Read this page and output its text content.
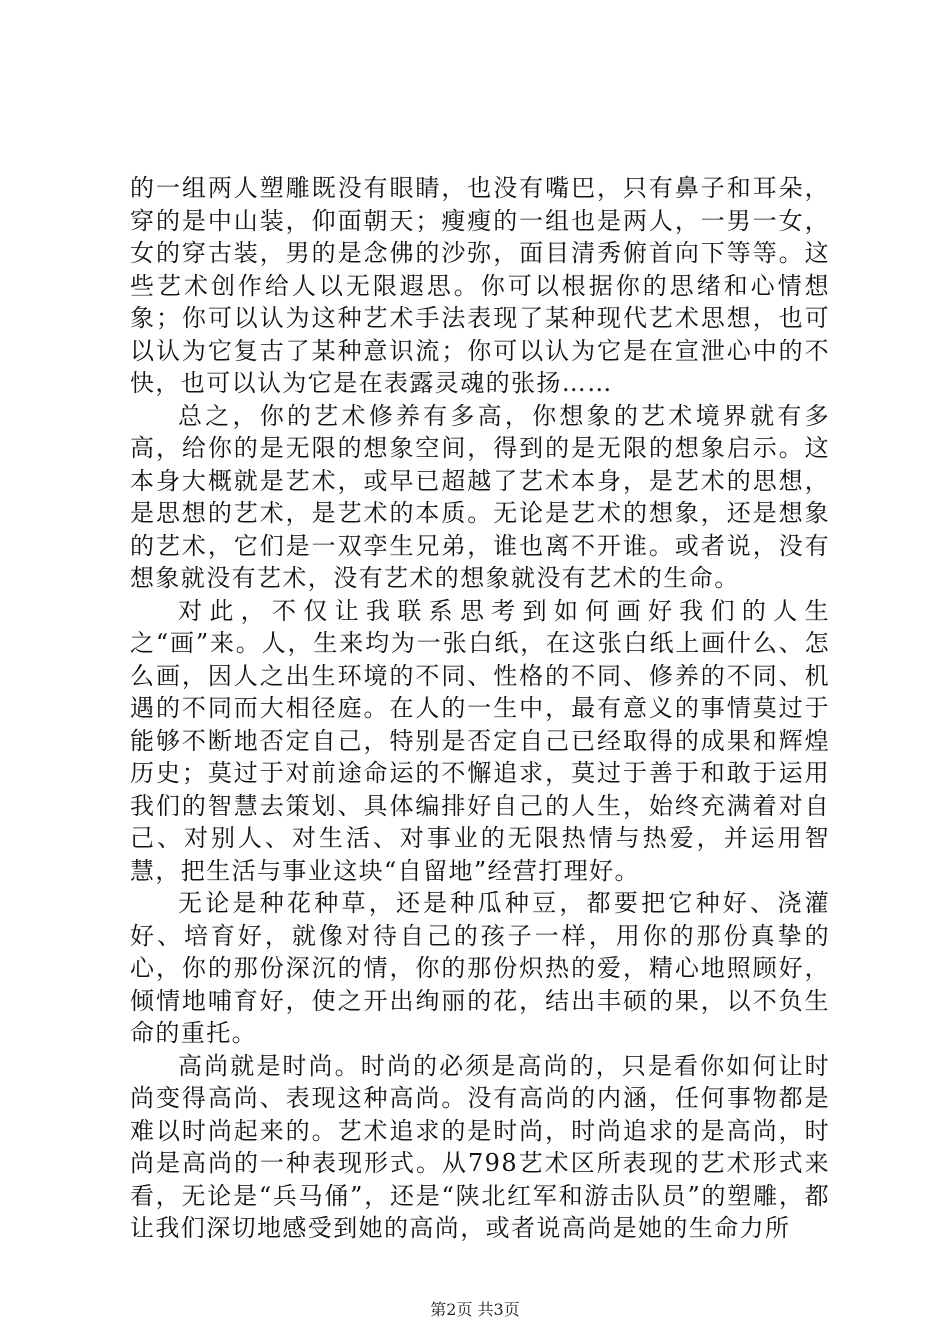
的一组两人塑雕既没有眼睛，也没有嘴巴，只有鼻子和耳朵，穿的是中山装，仰面朝天；瘦瘦的一组也是两人，一男一女，女的穿古装，男的是念佛的沙弥，面目清秀俯首向下等等。这些艺术创作给人以无限遐思。你可以根据你的思绪和心情想象；你可以认为这种艺术手法表现了某种现代艺术思想，也可以认为它复古了某种意识流；你可以认为它是在宣泄心中的不快，也可以认为它是在表露灵魂的张扬……

总之，你的艺术修养有多高，你想象的艺术境界就有多高，给你的是无限的想象空间，得到的是无限的想象启示。这本身大概就是艺术，或早已超越了艺术本身，是艺术的思想，是思想的艺术，是艺术的本质。无论是艺术的想象，还是想象的艺术，它们是一双孪生兄弟，谁也离不开谁。或者说，没有想象就没有艺术，没有艺术的想象就没有艺术的生命。

对此，不仅让我联系思考到如何画好我们的人生之“画”来。人，生来均为一张白纸，在这张白纸上画什么、怎么画，因人之出生环境的不同、性格的不同、修养的不同、机遇的不同而大相径庭。在人的一生中，最有意义的事情莫过于能够不断地否定自己，特别是否定自己已经取得的成果和辉煌历史；莫过于对前途命运的不懈追求，莫过于善于和敢于运用我们的智慧去策划、具体编排好自己的人生，始终充满着对自己、对别人、对生活、对事业的无限热情与热爱，并运用智慧，把生活与事业这块“自留地”经营打理好。

无论是种花种草，还是种瓜种豆，都要把它种好、浇灌好、培育好，就像对待自己的孩子一样，用你的那份真挚的心，你的那份深沉的情，你的那份炽热的爱，精心地照顾好，倾情地哺育好，使之开出绚丽的花，结出丰硕的果，以不负生命的重托。

高尚就是时尚。时尚的必须是高尚的，只是看你如何让时尚变得高尚、表现这种高尚。没有高尚的内涵，任何事物都是难以时尚起来的。艺术追求的是时尚，时尚追求的是高尚，时尚是高尚的一种表现形式。从798艺术区所表现的艺术形式来看，无论是“兵马俑”，还是“陕北红军和游击队员”的塑雕，都让我们深切地感受到她的高尚，或者说高尚是她的生命力所

第2页 共3页
